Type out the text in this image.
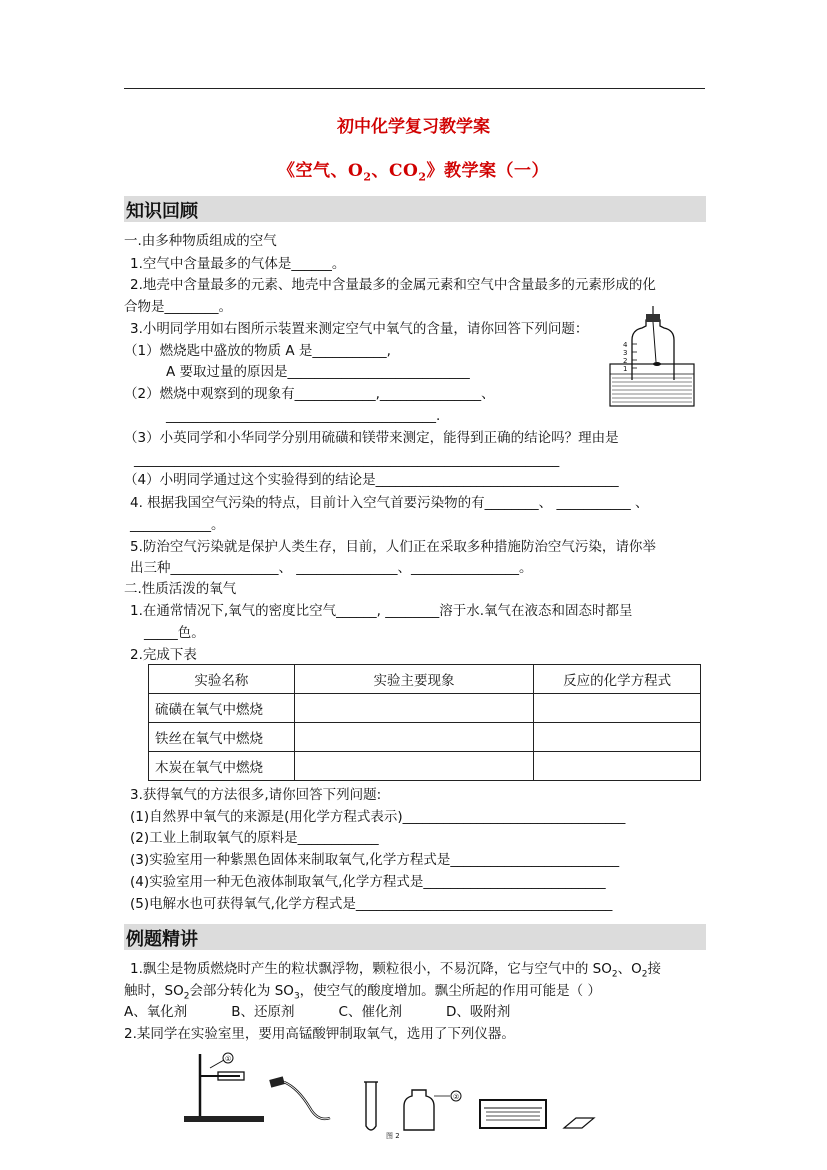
初中化学复习教学案
《空气、$O_2$、$CO_2$》教学案（一）
知识回顾
一.由多种物质组成的空气
1.空气中含量最多的气体是______。
2.地壳中含量最多的元素、地壳中含量最多的金属元素和空气中含量最多的元素形成的化
合物是________。
3.小明同学用如右图所示装置来测定空气中氧气的含量，请你回答下列问题：
（1）燃烧匙中盛放的物质 A 是___________,
A 要取过量的原因是___________________________
（2）燃烧中观察到的现象有____________,_______________、
________________________________________.
（3）小英同学和小华同学分别用硫磺和镁带来测定，能得到正确的结论吗？理由是
_______________________________________________________________
（4）小明同学通过这个实验得到的结论是____________________________________
4. 根据我国空气污染的特点，目前计入空气首要污染物的有________、 ___________ 、
____________。
5.防治空气污染就是保护人类生存，目前，人们正在采取多种措施防治空气污染，请你举
出三种________________、 _______________、________________。
4
3
2
1
二.性质活泼的氧气
1.在通常情况下,氧气的密度比空气______, ________溶于水.氧气在液态和固态时都呈
_____色。
2.完成下表
实验名称	实验主要现象	反应的化学方程式
硫磺在氧气中燃烧		
铁丝在氧气中燃烧		
木炭在氧气中燃烧		
3.获得氧气的方法很多,请你回答下列问题:
(1)自然界中氧气的来源是(用化学方程式表示)_________________________________
(2)工业上制取氧气的原料是____________
(3)实验室用一种紫黑色固体来制取氧气,化学方程式是_________________________
(4)实验室用一种无色液体制取氧气,化学方程式是___________________________
(5)电解水也可获得氧气,化学方程式是______________________________________
例题精讲
1.飘尘是物质燃烧时产生的粒状飘浮物，颗粒很小，不易沉降，它与空气中的 $SO_2$、$O_2$接
触时，$SO_2$会部分转化为 $SO_3$，使空气的酸度增加。飘尘所起的作用可能是（ ）
A、氧化剂	B、还原剂	C、催化剂	D、吸附剂
2.某同学在实验室里，要用高锰酸钾制取氧气，选用了下列仪器。
①
②
图 2
